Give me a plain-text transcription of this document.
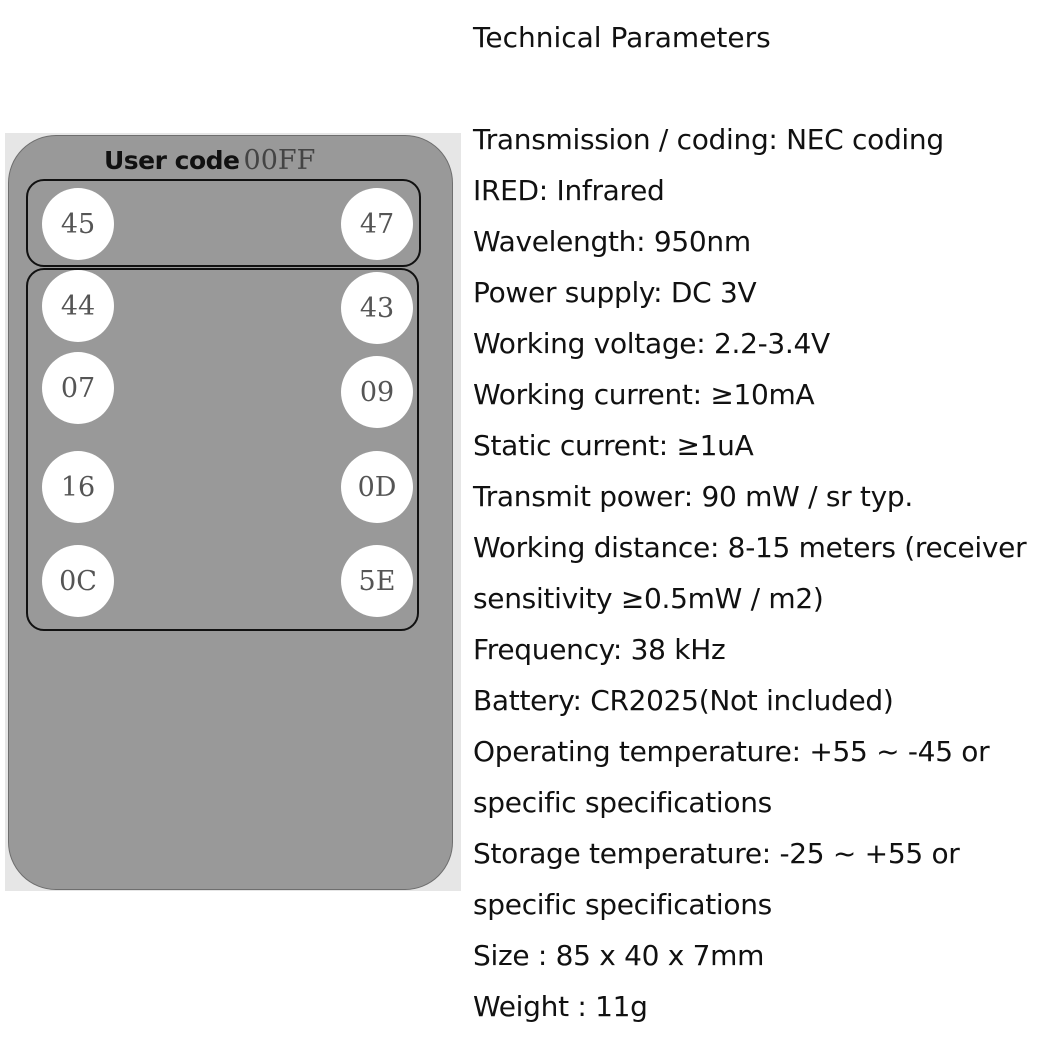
User code 00FF
45	47
44	43
07	09
16	0D
0C	5E
Technical Parameters
Transmission / coding: NEC coding
IRED: Infrared
Wavelength: 950nm
Power supply: DC 3V
Working voltage: 2.2-3.4V
Working current: ≥10mA
Static current: ≥1uA
Transmit power: 90 mW / sr typ.
Working distance: 8-15 meters (receiver
sensitivity ≥0.5mW / m2)
Frequency: 38 kHz
Battery: CR2025(Not included)
Operating temperature: +55 ~ -45 or
specific specifications
Storage temperature: -25 ~ +55 or
specific specifications
Size : 85 x 40 x 7mm
Weight : 11g
